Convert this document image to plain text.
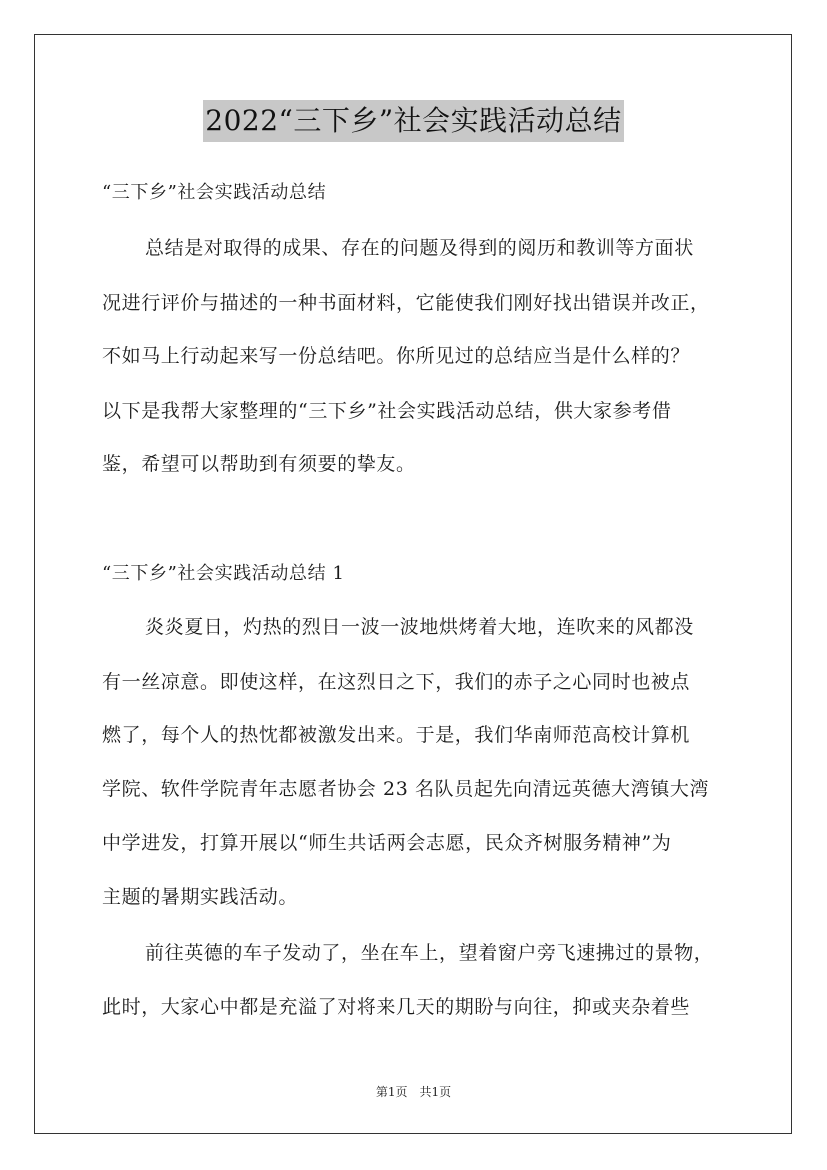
2022“三下乡”社会实践活动总结
“三下乡”社会实践活动总结
总结是对取得的成果、存在的问题及得到的阅历和教训等方面状
况进行评价与描述的一种书面材料，它能使我们刚好找出错误并改正，
不如马上行动起来写一份总结吧。你所见过的总结应当是什么样的？
以下是我帮大家整理的“三下乡”社会实践活动总结，供大家参考借
鉴，希望可以帮助到有须要的挚友。
“三下乡”社会实践活动总结 1
炎炎夏日，灼热的烈日一波一波地烘烤着大地，连吹来的风都没
有一丝凉意。即使这样，在这烈日之下，我们的赤子之心同时也被点
燃了，每个人的热忱都被激发出来。于是，我们华南师范高校计算机
学院、软件学院青年志愿者协会 23 名队员起先向清远英德大湾镇大湾
中学进发，打算开展以“师生共话两会志愿，民众齐树服务精神”为
主题的暑期实践活动。
前往英德的车子发动了，坐在车上，望着窗户旁飞速拂过的景物，
此时，大家心中都是充溢了对将来几天的期盼与向往，抑或夹杂着些
第1页　共1页
